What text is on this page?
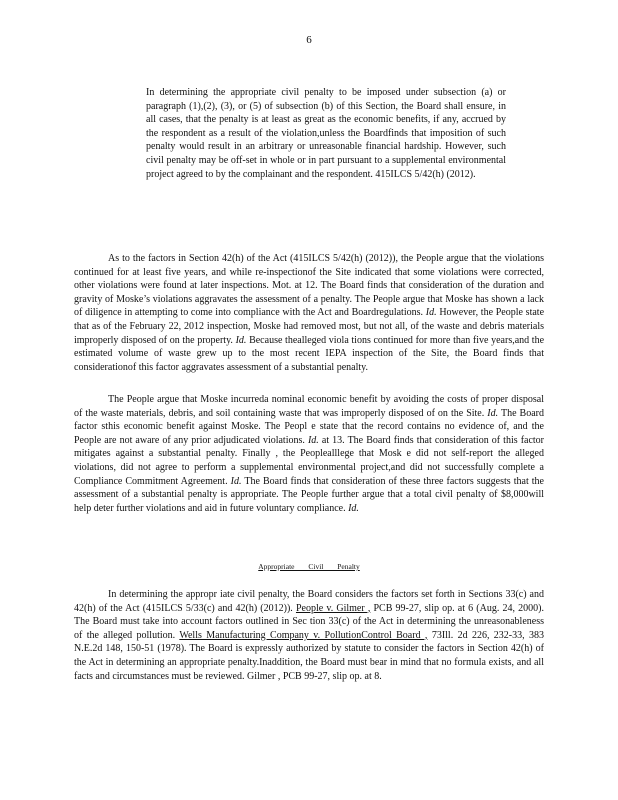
6

In determining the appropriate civil penalty to be imposed under subsection (a) or paragraph (1),(2), (3), or (5) of subsection (b) of this Section, the Board shall ensure, in all cases, that the penalty is at least as great as the economic benefits, if any, accrued by the respondent as a result of the violation,unless the Boardfinds that imposition of such penalty would result in an arbitrary or unreasonable financial hardship. However, such civil penalty may be off-set in whole or in part pursuant to a supplemental environmental project agreed to by the complainant and the respondent. 415ILCS 5/42(h) (2012).

As to the factors in Section 42(h) of the Act (415ILCS 5/42(h) (2012)), the People argue that the violations continued for at least five years, and while re-inspectionof the Site indicated that some violations were corrected, other violations were found at later inspections. Mot. at 12. The Board finds that consideration of the duration and gravity of Moske’s violations aggravates the assessment of a penalty. The People argue that Moske has shown a lack of diligence in attempting to come into compliance with the Act and Boardregulations. Id. However, the People state that as of the February 22, 2012 inspection, Moske had removed most, but not all, of the waste and debris materials improperly disposed of on the property. Id. Because thealleged viola tions continued for more than five years,and the estimated volume of waste grew up to the most recent IEPA inspection of the Site, the Board finds that considerationof this factor aggravates assessment of a substantial penalty.

The People argue that Moske incurreda nominal economic benefit by avoiding the costs of proper disposal of the waste materials, debris, and soil containing waste that was improperly disposed of on the Site. Id. The Board factor sthis economic benefit against Moske. The Peopl e state that the record contains no evidence of, and the People are not aware of any prior adjudicated violations. Id. at 13. The Board finds that consideration of this factor mitigates against a substantial penalty. Finally , the Peoplealllege that Mosk e did not self-report the alleged violations, did not agree to perform a supplemental environmental project,and did not successfully complete a Compliance Commitment Agreement. Id. The Board finds that consideration of these three factors suggests that the assessment of a substantial penalty is appropriate. The People further argue that a total civil penalty of $8,000will help deter further violations and aid in future voluntary compliance. Id.

Appropriate Civil Penalty

In determining the appropr iate civil penalty, the Board considers the factors set forth in Sections 33(c) and 42(h) of the Act (415ILCS 5/33(c) and 42(h) (2012)). People v. Gilmer , PCB 99-27, slip op. at 6 (Aug. 24, 2000). The Board must take into account factors outlined in Sec tion 33(c) of the Act in determining the unreasonableness of the alleged pollution. Wells Manufacturing Company v. PollutionControl Board , 73Ill. 2d 226, 232-33, 383 N.E.2d 148, 150-51 (1978). The Board is expressly authorized by statute to consider the factors in Section 42(h) of the Act in determining an appropriate penalty.Inaddition, the Board must bear in mind that no formula exists, and all facts and circumstances must be reviewed. Gilmer , PCB 99-27, slip op. at 8.
